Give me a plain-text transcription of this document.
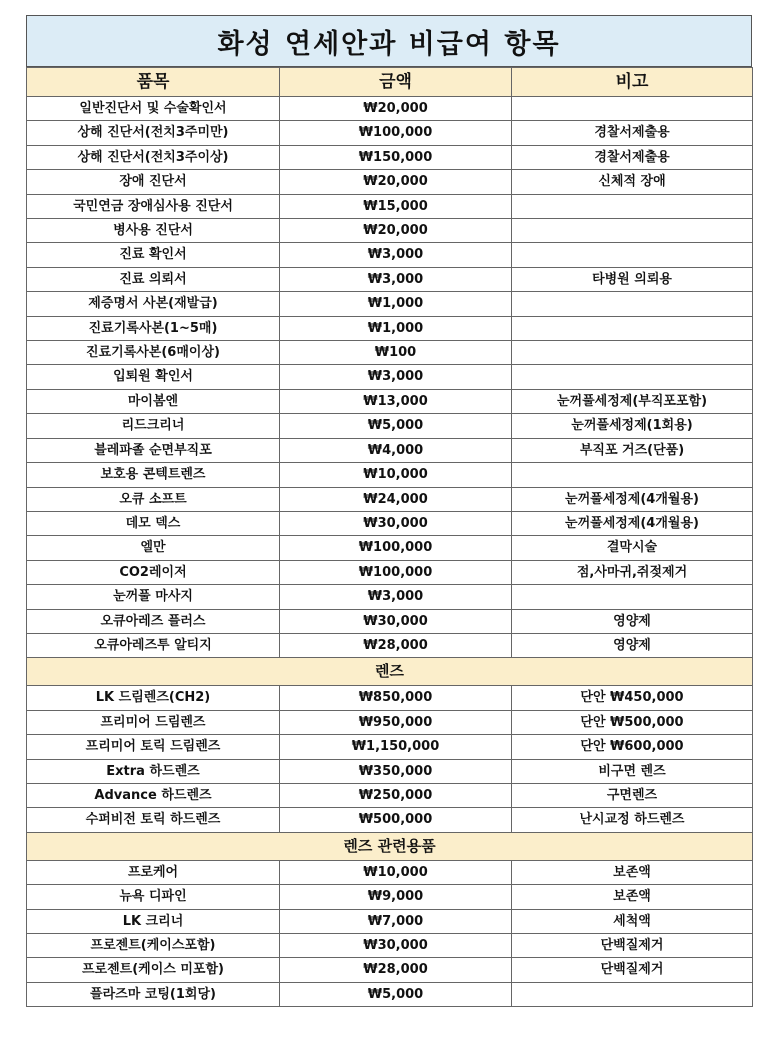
화성 연세안과 비급여 항목
품목	금액	비고
일반진단서 및 수술확인서	₩20,000	
상해 진단서(전치3주미만)	₩100,000	경찰서제출용
상해 진단서(전치3주이상)	₩150,000	경찰서제출용
장애 진단서	₩20,000	신체적 장애
국민연금 장애심사용 진단서	₩15,000	
병사용 진단서	₩20,000	
진료 확인서	₩3,000	
진료 의뢰서	₩3,000	타병원 의뢰용
제증명서 사본(재발급)	₩1,000	
진료기록사본(1~5매)	₩1,000	
진료기록사본(6매이상)	₩100	
입퇴원 확인서	₩3,000	
마이봄엔	₩13,000	눈꺼풀세정제(부직포포함)
리드크리너	₩5,000	눈꺼풀세정제(1회용)
블레파졸 순면부직포	₩4,000	부직포 거즈(단품)
보호용 콘텍트렌즈	₩10,000	
오큐 소프트	₩24,000	눈꺼풀세정제(4개월용)
데모 덱스	₩30,000	눈꺼풀세정제(4개월용)
엘만	₩100,000	결막시술
CO2레이저	₩100,000	점,사마귀,쥐젖제거
눈꺼풀 마사지	₩3,000	
오큐아레즈 플러스	₩30,000	영양제
오큐아레즈투 알티지	₩28,000	영양제
렌즈		
LK 드림렌즈(CH2)	₩850,000	단안 ₩450,000
프리미어 드림렌즈	₩950,000	단안 ₩500,000
프리미어 토릭 드림렌즈	₩1,150,000	단안 ₩600,000
Extra 하드렌즈	₩350,000	비구면 렌즈
Advance 하드렌즈	₩250,000	구면렌즈
수퍼비전 토릭 하드렌즈	₩500,000	난시교정 하드렌즈
렌즈 관련용품		
프로케어	₩10,000	보존액
뉴욕 디파인	₩9,000	보존액
LK 크리너	₩7,000	세척액
프로젠트(케이스포함)	₩30,000	단백질제거
프로젠트(케이스 미포함)	₩28,000	단백질제거
플라즈마 코팅(1회당)	₩5,000	
